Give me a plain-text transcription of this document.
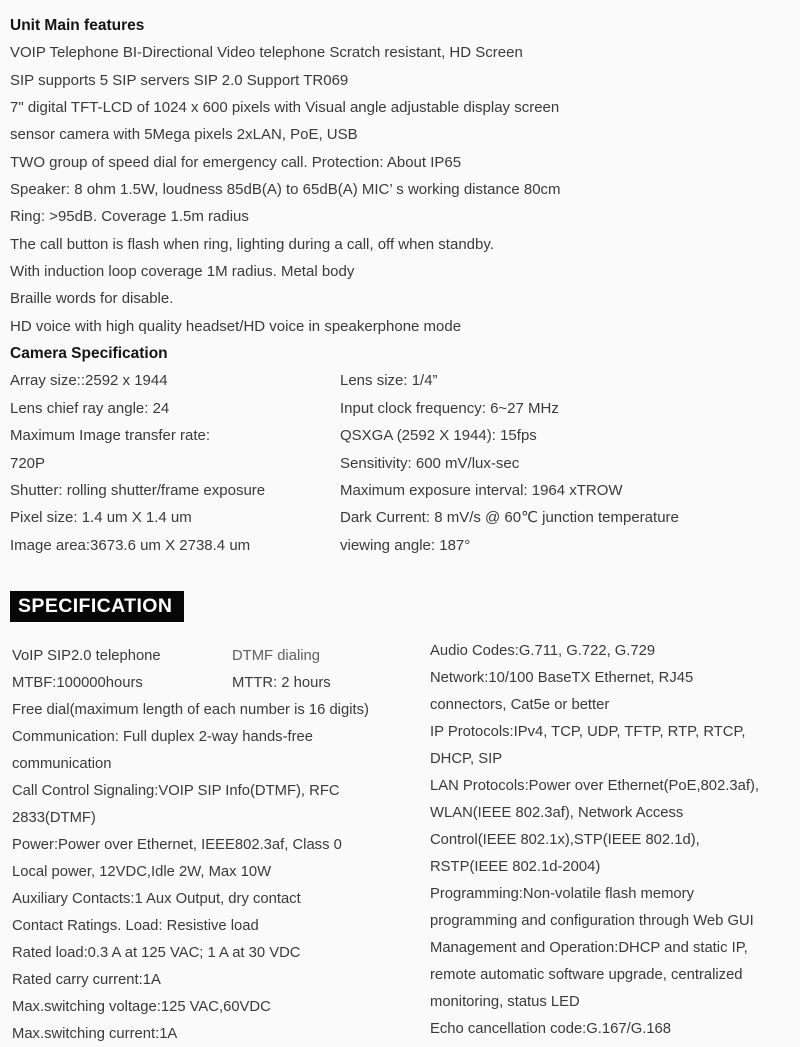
Unit Main features

VOIP Telephone BI-Directional Video telephone Scratch resistant, HD Screen

SIP supports 5 SIP servers SIP 2.0 Support TR069

7" digital TFT-LCD of 1024 x 600 pixels with Visual angle adjustable display screen

sensor camera with 5Mega pixels 2xLAN, PoE, USB

TWO group of speed dial for emergency call. Protection: About IP65

Speaker: 8 ohm 1.5W, loudness 85dB(A) to 65dB(A) MIC’ s working distance 80cm

Ring: >95dB. Coverage 1.5m radius

The call button is flash when ring, lighting during a call, off when standby.

With induction loop coverage 1M radius. Metal body

Braille words for disable.

HD voice with high quality headset/HD voice in speakerphone mode

Camera Specification
Array size::2592 x 1944	Lens size: 1/4”
Lens chief ray angle: 24	Input clock frequency: 6~27 MHz
Maximum Image transfer rate:	QSXGA (2592 X 1944): 15fps
720P	Sensitivity: 600 mV/lux-sec
Shutter: rolling shutter/frame exposure	Maximum exposure interval: 1964 xTROW
Pixel size: 1.4 um X 1.4 um	Dark Current: 8 mV/s @ 60℃ junction temperature
Image area:3673.6 um X 2738.4 um	viewing angle: 187°
SPECIFICATION
VoIP SIP2.0 telephone	DTMF dialing
MTBF:100000hours	MTTR: 2 hours

Free dial(maximum length of each number is 16 digits)

Communication: Full duplex 2-way hands-free

communication

Call Control Signaling:VOIP SIP Info(DTMF), RFC

2833(DTMF)

Power:Power over Ethernet, IEEE802.3af, Class 0

Local power, 12VDC,Idle 2W, Max 10W

Auxiliary Contacts:1 Aux Output, dry contact

Contact Ratings. Load: Resistive load

Rated load:0.3 A at 125 VAC; 1 A at 30 VDC

Rated carry current:1A

Max.switching voltage:125 VAC,60VDC

Max.switching current:1A

Audio Codes:G.711, G.722, G.729

Network:10/100 BaseTX Ethernet, RJ45

connectors, Cat5e or better

IP Protocols:IPv4, TCP, UDP, TFTP, RTP, RTCP,

DHCP, SIP

LAN Protocols:Power over Ethernet(PoE,802.3af),

WLAN(IEEE 802.3af), Network Access

Control(IEEE 802.1x),STP(IEEE 802.1d),

RSTP(IEEE 802.1d-2004)

Programming:Non-volatile flash memory

programming and configuration through Web GUI

Management and Operation:DHCP and static IP,

remote automatic software upgrade, centralized

monitoring, status LED

Echo cancellation code:G.167/G.168
